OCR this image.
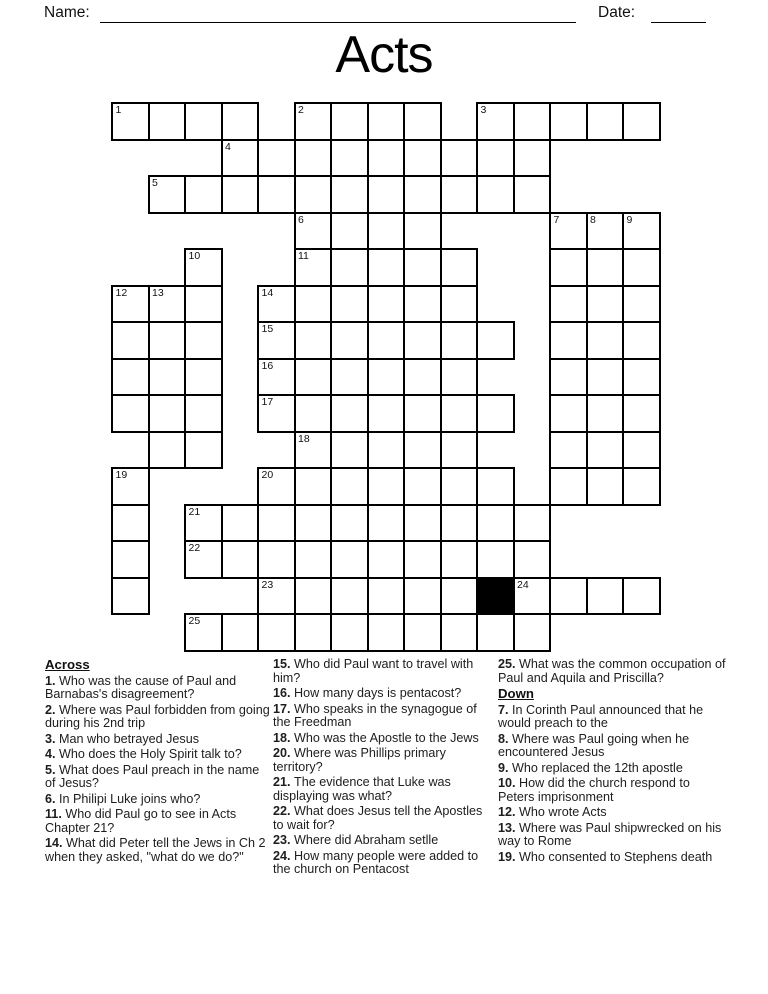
Name:	Date:
Acts
1	2	3
4
5
6	7	8	9
10	11
12 13	14
15
16
17
18
19	20
21
22
23	24
25
Across

1. Who was the cause of Paul and Barnabas's disagreement?

2. Where was Paul forbidden from going during his 2nd trip

3. Man who betrayed Jesus

4. Who does the Holy Spirit talk to?

5. What does Paul preach in the name of Jesus?

6. In Philipi Luke joins who?

11. Who did Paul go to see in Acts Chapter 21?

14. What did Peter tell the Jews in Ch 2 when they asked, "what do we do?"

15. Who did Paul want to travel with him?

16. How many days is pentacost?

17. Who speaks in the synagogue of the Freedman

18. Who was the Apostle to the Jews

20. Where was Phillips primary territory?

21. The evidence that Luke was displaying was what?

22. What does Jesus tell the Apostles to wait for?

23. Where did Abraham setlle

24. How many people were added to the church on Pentacost

25. What was the common occupation of Paul and Aquila and Priscilla?

Down

7. In Corinth Paul announced that he would preach to the

8. Where was Paul going when he encountered Jesus

9. Who replaced the 12th apostle

10. How did the church respond to Peters imprisonment

12. Who wrote Acts

13. Where was Paul shipwrecked on his way to Rome

19. Who consented to Stephens death
